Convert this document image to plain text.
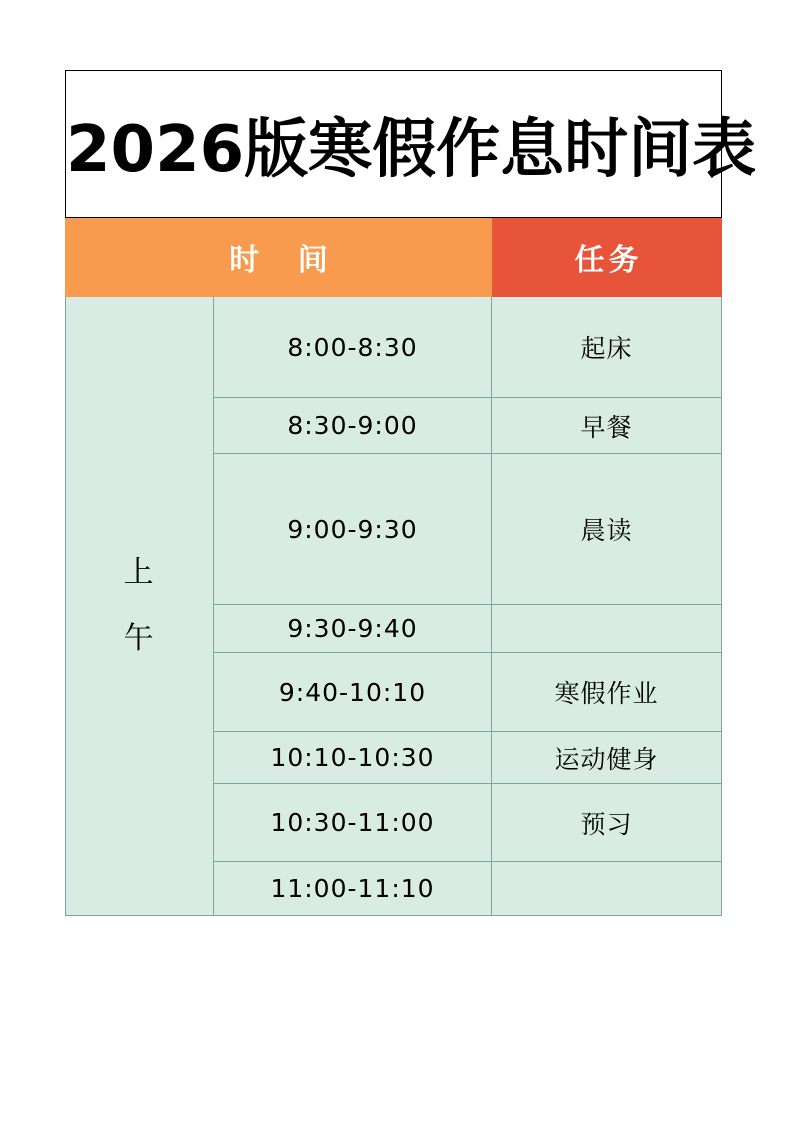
2026版寒假作息时间表		

时 间		任务

上
午	8:00-8:30	起床
	8:30-9:00	早餐
	9:00-9:30	晨读
	9:30-9:40	
	9:40-10:10	寒假作业
	10:10-10:30	运动健身
	10:30-11:00	预习
	11:00-11:10	
